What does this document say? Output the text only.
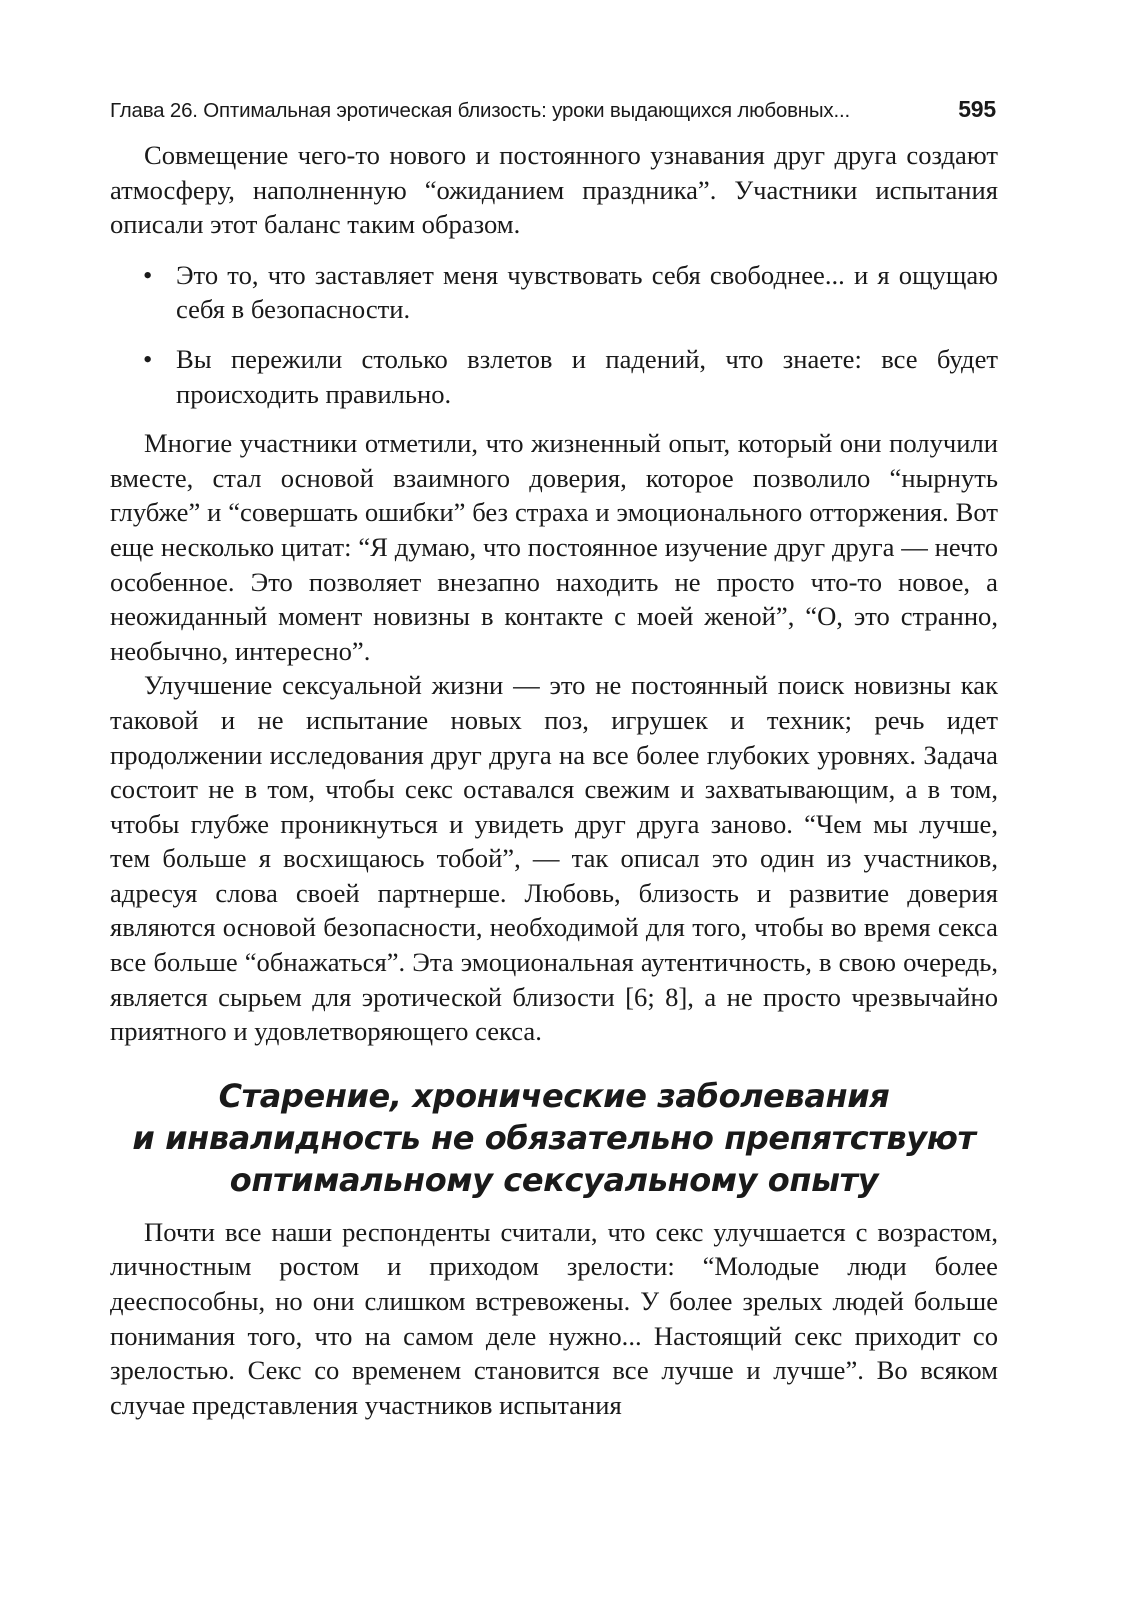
Глава 26. Оптимальная эротическая близость: уроки выдающихся любовных...	595

Совмещение чего-то нового и постоянного узнавания друг друга создают атмосферу, наполненную “ожиданием праздника”. Участники испытания описали этот баланс таким образом.

• Это то, что заставляет меня чувствовать себя свободнее... и я ощущаю себя в безопасности.
• Вы пережили столько взлетов и падений, что знаете: все будет происходить правильно.

Многие участники отметили, что жизненный опыт, который они получили вместе, стал основой взаимного доверия, которое позволило “нырнуть глубже” и “совершать ошибки” без страха и эмоционального отторжения. Вот еще несколько цитат: “Я думаю, что постоянное изучение друг друга — нечто особенное. Это позволяет внезапно находить не просто что-то новое, а неожиданный момент новизны в контакте с моей женой”, “О, это странно, необычно, интересно”.

Улучшение сексуальной жизни — это не постоянный поиск новизны как таковой и не испытание новых поз, игрушек и техник; речь идет продолжении исследования друг друга на все более глубоких уровнях. Задача состоит не в том, чтобы секс оставался свежим и захватывающим, а в том, чтобы глубже проникнуться и увидеть друг друга заново. “Чем мы лучше, тем больше я восхищаюсь тобой”, — так описал это один из участников, адресуя слова своей партнерше. Любовь, близость и развитие доверия являются основой безопасности, необходимой для того, чтобы во время секса все больше “обнажаться”. Эта эмоциональная аутентичность, в свою очередь, является сырьем для эротической близости [6; 8], а не просто чрезвычайно приятного и удовлетворяющего секса.

Старение, хронические заболевания
и инвалидность не обязательно препятствуют
оптимальному сексуальному опыту

Почти все наши респонденты считали, что секс улучшается с возрастом, личностным ростом и приходом зрелости: “Молодые люди более дееспособны, но они слишком встревожены. У более зрелых людей больше понимания того, что на самом деле нужно... Настоящий секс приходит со зрелостью. Секс со временем становится все лучше и лучше”. Во всяком случае представления участников испытания
